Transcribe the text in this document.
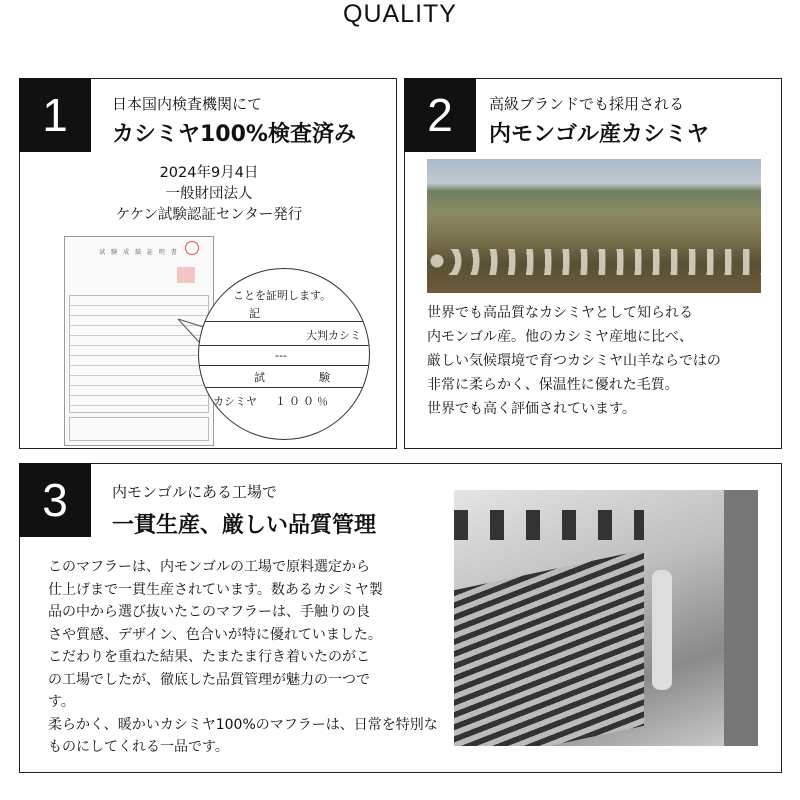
QUALITY
1	日本国内検査機関にて
カシミヤ100%検査済み
2024年9月4日
一般財団法人
ケケン試験認証センター発行
試 験 成 績 証 明 書
ことを証明します。
記
大判カシミ
---
試	験
カシミヤ １００％
2	高級ブランドでも採用される
内モンゴル産カシミヤ
世界でも高品質なカシミヤとして知られる
内モンゴル産。他のカシミヤ産地に比べ、
厳しい気候環境で育つカシミヤ山羊ならではの
非常に柔らかく、保温性に優れた毛質。
世界でも高く評価されています。
3	内モンゴルにある工場で
一貫生産、厳しい品質管理
このマフラーは、内モンゴルの工場で原料選定から
仕上げまで一貫生産されています。数あるカシミヤ製
品の中から選び抜いたこのマフラーは、手触りの良
さや質感、デザイン、色合いが特に優れていました。
こだわりを重ねた結果、たまたま行き着いたのがこ
の工場でしたが、徹底した品質管理が魅力の一つで
す。
柔らかく、暖かいカシミヤ100%のマフラーは、日常を特別な
ものにしてくれる一品です。
